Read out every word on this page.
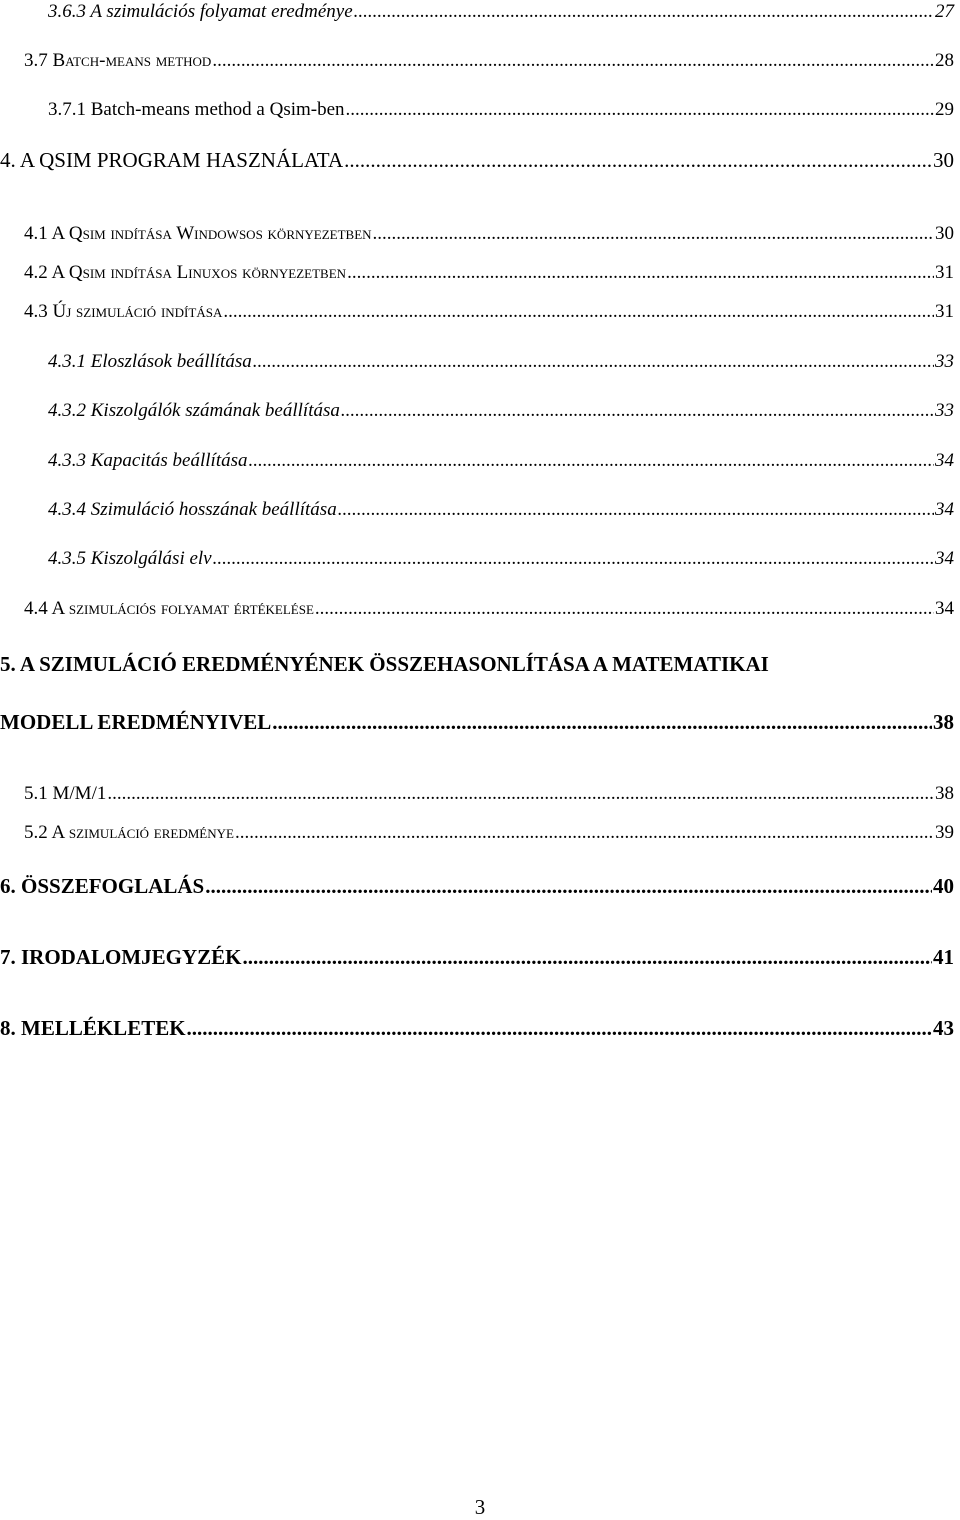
3.6.3 A szimulációs folyamat eredménye .....	27
3.7 Batch-means method .....	28
3.7.1 Batch-means method a Qsim-ben .....	29
4. A QSIM PROGRAM HASZNÁLATA .....	30
4.1 A Qsim indítása Windowsos környezetben .....	30
4.2 A Qsim indítása Linuxos környezetben .....	31
4.3 Új szimuláció indítása .....	31
4.3.1 Eloszlások beállítása .....	33
4.3.2 Kiszolgálók számának beállítása .....	33
4.3.3 Kapacitás beállítása .....	34
4.3.4 Szimuláció hosszának beállítása .....	34
4.3.5 Kiszolgálási elv .....	34
4.4 A szimulációs folyamat értékelése .....	34
5. A SZIMULÁCIÓ EREDMÉNYÉNEK ÖSSZEHASONLÍTÁSA A MATEMATIKAI
MODELL EREDMÉNYIVEL .....	38
5.1 M/M/1 .....	38
5.2 A szimuláció eredménye .....	39
6. ÖSSZEFOGLALÁS .....	40
7. IRODALOMJEGYZÉK .....	41
8. MELLÉKLETEK .....	43
3
